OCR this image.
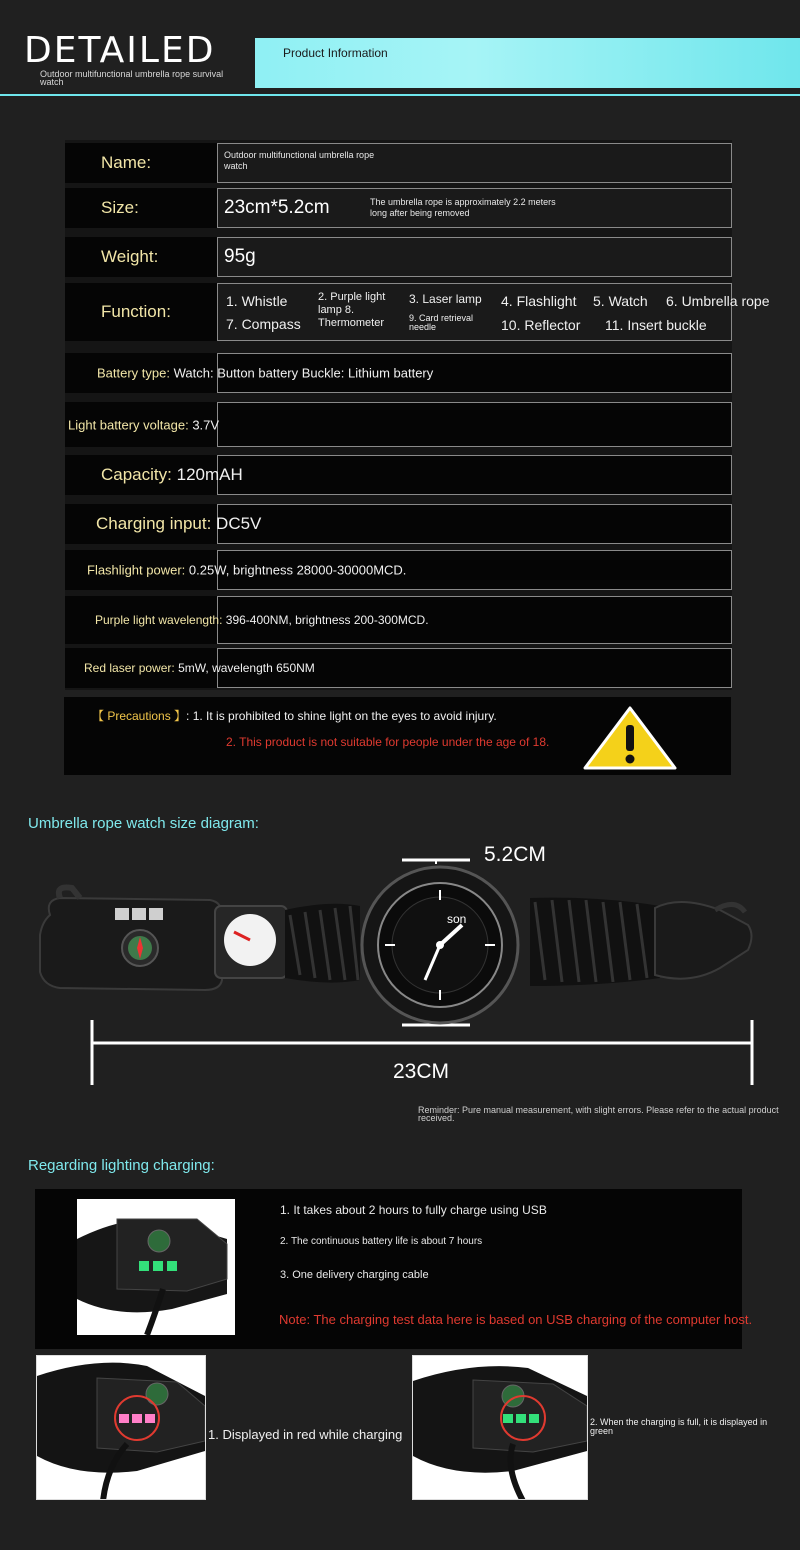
DETAILED
Outdoor multifunctional umbrella rope survival watch
Product Information
Name:	Outdoor multifunctional umbrella rope watch
Size:	23cm*5.2cm	The umbrella rope is approximately 2.2 meters long after being removed
Weight:	95g
Function:
1. Whistle	2. Purple light lamp 8. Thermometer
3. Laser lamp 4. Flashlight 5. Watch 6. Umbrella rope
7. Compass	9. Card retrieval needle	10. Reflector 11. Insert buckle
Battery type: Watch: Button battery Buckle: Lithium battery
Light battery voltage: 3.7V
Capacity: 120mAH
Charging input: DC5V
Flashlight power: 0.25W, brightness 28000-30000MCD.
Purple light wavelength: 396-400NM, brightness 200-300MCD.
Red laser power: 5mW, wavelength 650NM
【 Precautions 】: 1. It is prohibited to shine light on the eyes to avoid injury.
2. This product is not suitable for people under the age of 18.
Umbrella rope watch size diagram:
son
5.2CM
23CM
Reminder: Pure manual measurement, with slight errors. Please refer to the actual product received.
Regarding lighting charging:
1. It takes about 2 hours to fully charge using USB
2. The continuous battery life is about 7 hours
3. One delivery charging cable
Note: The charging test data here is based on USB charging of the computer host.
1. Displayed in red while charging
2. When the charging is full, it is displayed in green
